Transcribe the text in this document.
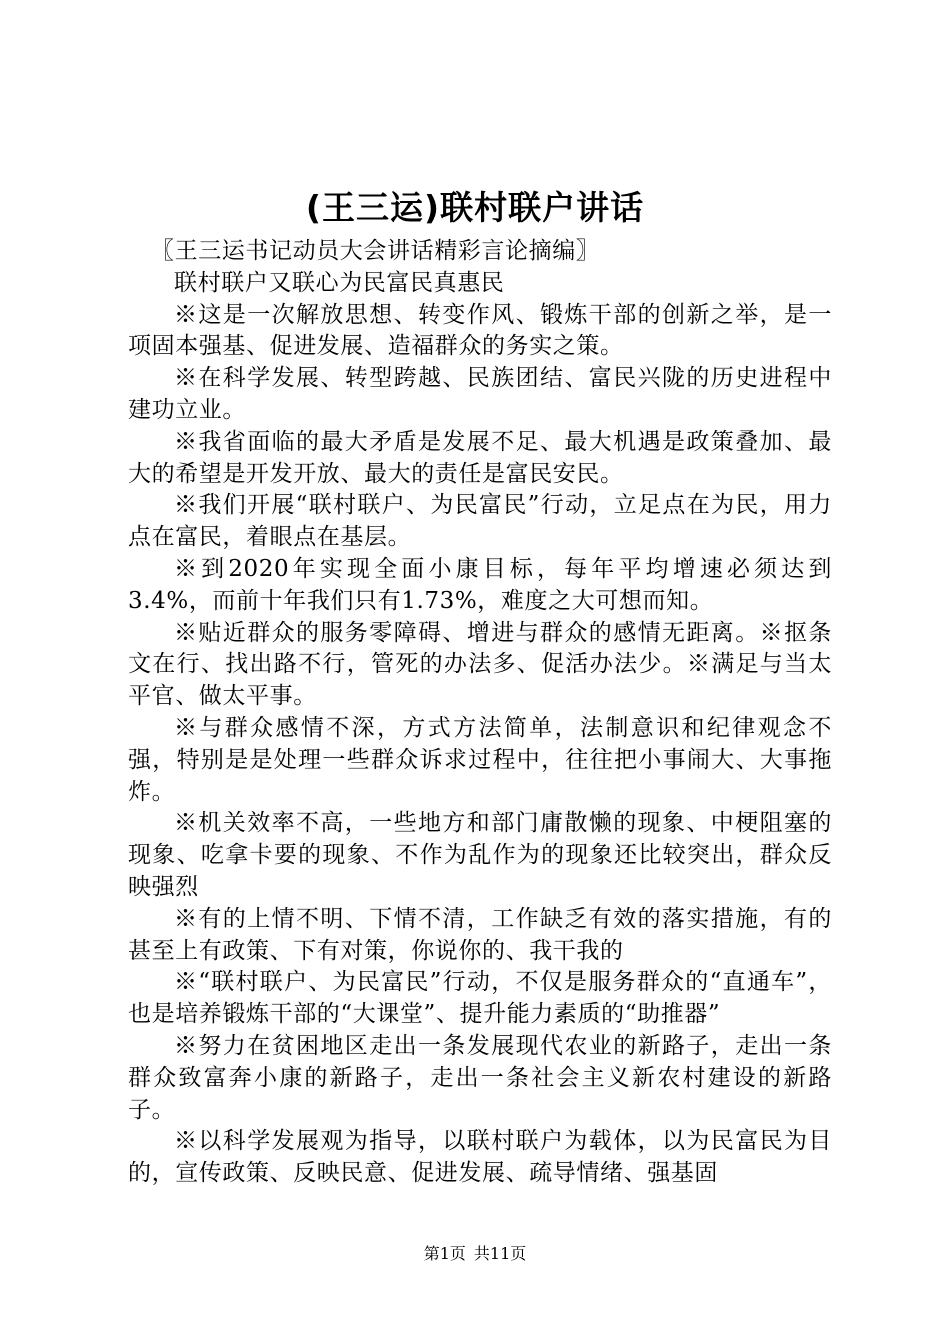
(王三运)联村联户讲话

〖王三运书记动员大会讲话精彩言论摘编〗

联村联户又联心为民富民真惠民

※这是一次解放思想、转变作风、锻炼干部的创新之举，是一项固本强基、促进发展、造福群众的务实之策。

※在科学发展、转型跨越、民族团结、富民兴陇的历史进程中建功立业。

※我省面临的最大矛盾是发展不足、最大机遇是政策叠加、最大的希望是开发开放、最大的责任是富民安民。

※我们开展“联村联户、为民富民”行动，立足点在为民，用力点在富民，着眼点在基层。

※到2020年实现全面小康目标，每年平均增速必须达到3.4%，而前十年我们只有1.73%，难度之大可想而知。

※贴近群众的服务零障碍、增进与群众的感情无距离。※抠条文在行、找出路不行，管死的办法多、促活办法少。※满足与当太平官、做太平事。

※与群众感情不深，方式方法简单，法制意识和纪律观念不强，特别是是处理一些群众诉求过程中，往往把小事闹大、大事拖炸。

※机关效率不高，一些地方和部门庸散懒的现象、中梗阻塞的现象、吃拿卡要的现象、不作为乱作为的现象还比较突出，群众反映强烈

※有的上情不明、下情不清，工作缺乏有效的落实措施，有的甚至上有政策、下有对策，你说你的、我干我的

※“联村联户、为民富民”行动，不仅是服务群众的“直通车”，也是培养锻炼干部的“大课堂”、提升能力素质的“助推器”

※努力在贫困地区走出一条发展现代农业的新路子，走出一条群众致富奔小康的新路子，走出一条社会主义新农村建设的新路子。

※以科学发展观为指导，以联村联户为载体，以为民富民为目的，宣传政策、反映民意、促进发展、疏导情绪、强基固

第1页 共11页
